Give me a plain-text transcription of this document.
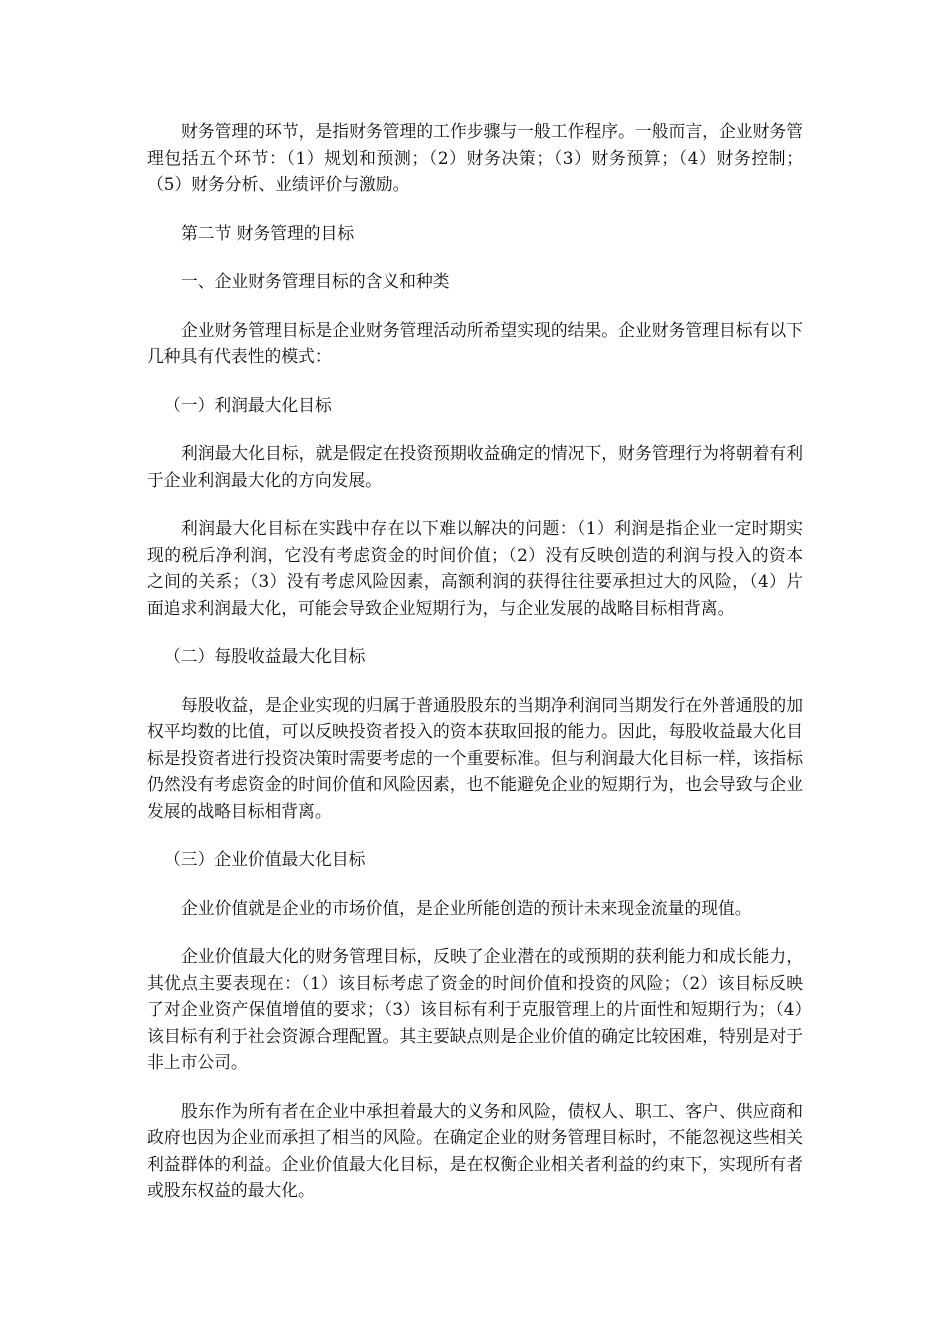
财务管理的环节，是指财务管理的工作步骤与一般工作程序。一般而言，企业财务管理包括五个环节：（1）规划和预测；（2）财务决策；（3）财务预算；（4）财务控制；（5）财务分析、业绩评价与激励。

第二节 财务管理的目标

一、企业财务管理目标的含义和种类

企业财务管理目标是企业财务管理活动所希望实现的结果。企业财务管理目标有以下几种具有代表性的模式：

（一）利润最大化目标

利润最大化目标，就是假定在投资预期收益确定的情况下，财务管理行为将朝着有利于企业利润最大化的方向发展。

利润最大化目标在实践中存在以下难以解决的问题：（1）利润是指企业一定时期实现的税后净利润，它没有考虑资金的时间价值；（2）没有反映创造的利润与投入的资本之间的关系；（3）没有考虑风险因素，高额利润的获得往往要承担过大的风险，（4）片面追求利润最大化，可能会导致企业短期行为，与企业发展的战略目标相背离。

（二）每股收益最大化目标

每股收益，是企业实现的归属于普通股股东的当期净利润同当期发行在外普通股的加权平均数的比值，可以反映投资者投入的资本获取回报的能力。因此，每股收益最大化目标是投资者进行投资决策时需要考虑的一个重要标准。但与利润最大化目标一样，该指标仍然没有考虑资金的时间价值和风险因素，也不能避免企业的短期行为，也会导致与企业发展的战略目标相背离。

（三）企业价值最大化目标

企业价值就是企业的市场价值，是企业所能创造的预计未来现金流量的现值。

企业价值最大化的财务管理目标，反映了企业潜在的或预期的获利能力和成长能力，其优点主要表现在：（1）该目标考虑了资金的时间价值和投资的风险；（2）该目标反映了对企业资产保值增值的要求；（3）该目标有利于克服管理上的片面性和短期行为；（4）该目标有利于社会资源合理配置。其主要缺点则是企业价值的确定比较困难，特别是对于非上市公司。

股东作为所有者在企业中承担着最大的义务和风险，债权人、职工、客户、供应商和政府也因为企业而承担了相当的风险。在确定企业的财务管理目标时，不能忽视这些相关利益群体的利益。企业价值最大化目标，是在权衡企业相关者利益的约束下，实现所有者或股东权益的最大化。
